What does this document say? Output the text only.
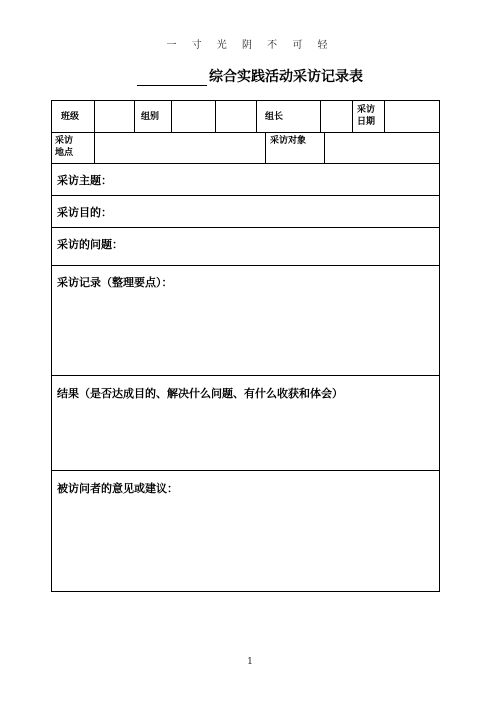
一 寸 光 阴 不 可 轻
综合实践活动采访记录表
班级	组别	组长
采访日期
采访地点
采访对象
采访主题：
采访目的：
采访的问题：
采访记录（整理要点）：
结果（是否达成目的、解决什么问题、有什么收获和体会）
被访问者的意见或建议：
1
